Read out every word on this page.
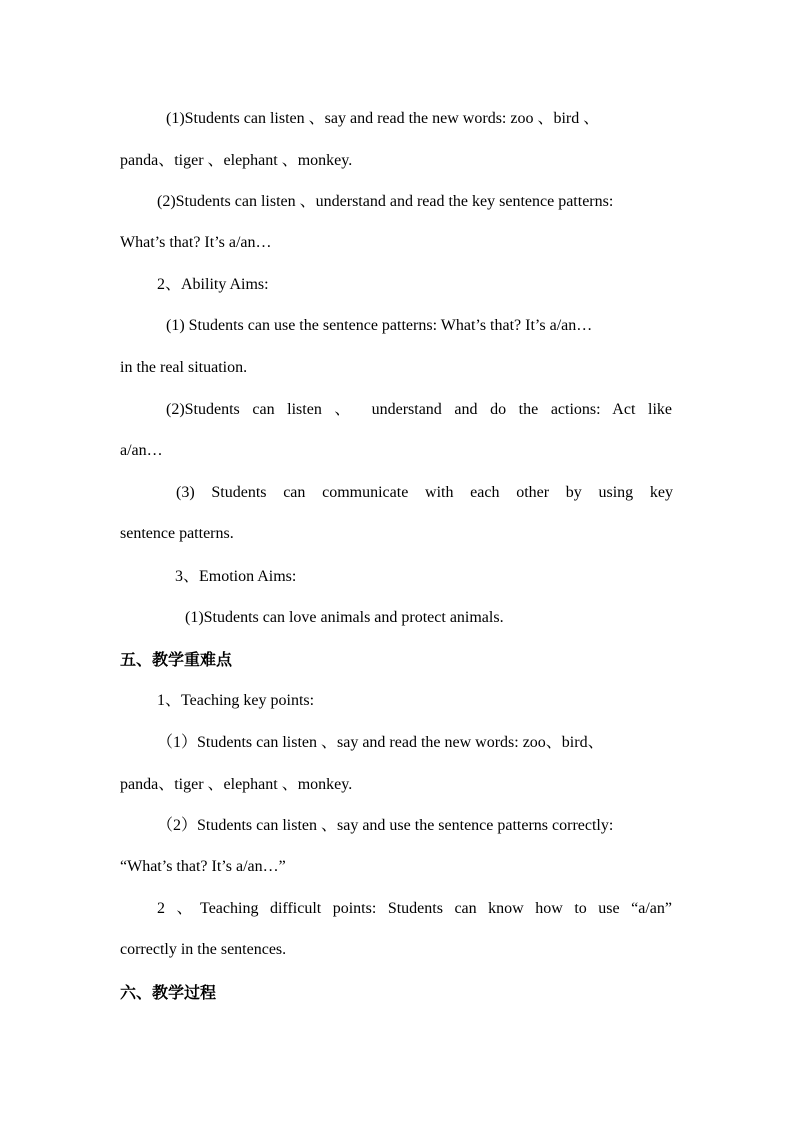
(1)Students can listen 、say and read the new words: zoo 、bird 、
panda、tiger 、elephant 、monkey.
(2)Students can listen 、understand and read the key sentence patterns:
What’s that? It’s a/an…
2、Ability Aims:
(1) Students can use the sentence patterns: What’s that? It’s a/an…
in the real situation.
(2)Students can listen 、 understand and do the actions: Act like
a/an…
(3) Students can communicate with each other by using key
sentence patterns.
3、Emotion Aims:
(1)Students can love animals and protect animals.
五、教学重难点
1、Teaching key points:
（1）Students can listen 、say and read the new words: zoo、bird、
panda、tiger 、elephant 、monkey.
（2）Students can listen 、say and use the sentence patterns correctly:
“What’s that? It’s a/an…”
2 、Teaching difficult points: Students can know how to use “a/an”
correctly in the sentences.
六、教学过程
